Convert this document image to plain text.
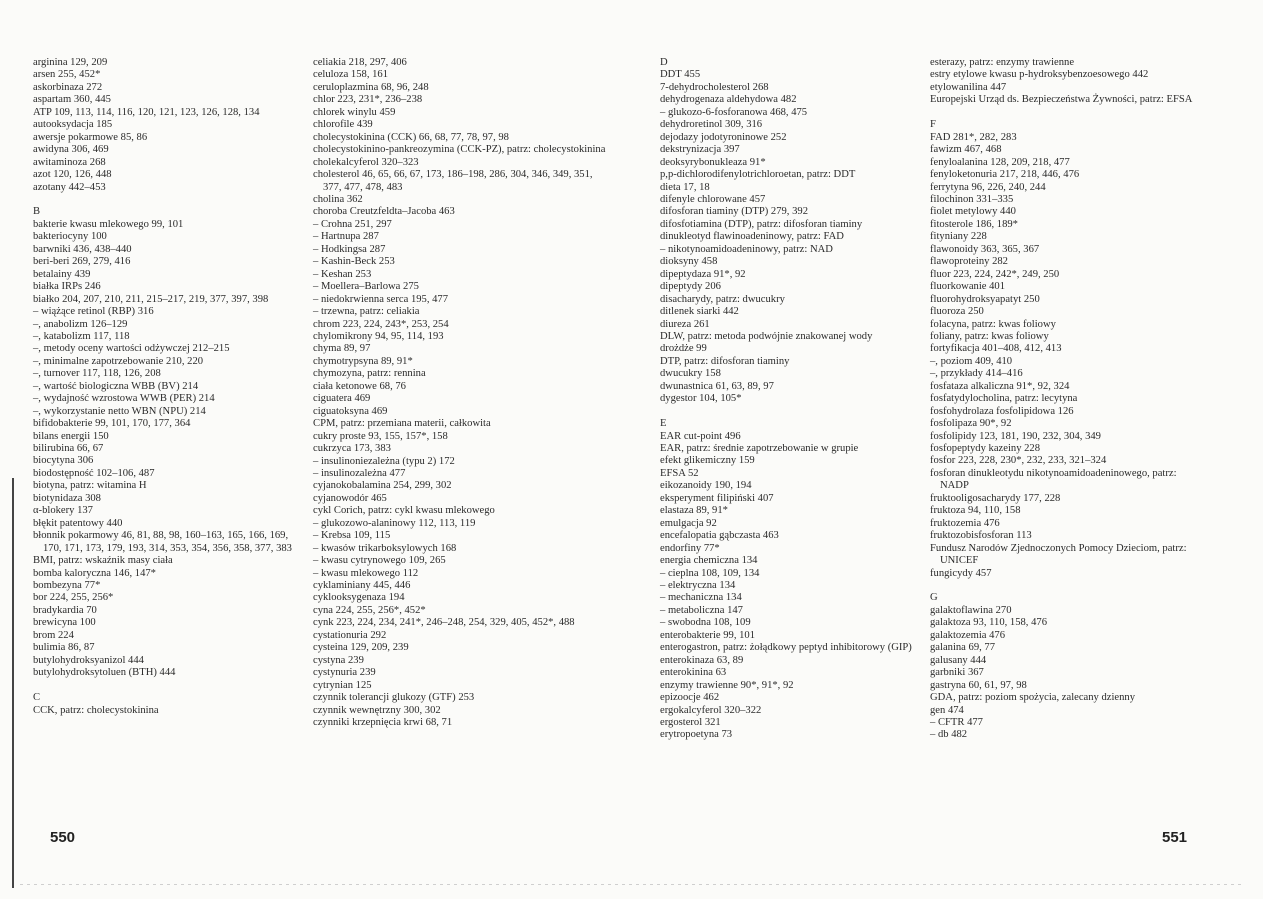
arginina 129, 209
arsen 255, 452*
askorbinaza 272
aspartam 360, 445
ATP 109, 113, 114, 116, 120, 121, 123, 126, 128, 134
autooksydacja 185
awersje pokarmowe 85, 86
awidyna 306, 469
awitaminoza 268
azot 120, 126, 448
azotany 442–453
B
bakterie kwasu mlekowego 99, 101
bakteriocyny 100
barwniki 436, 438–440
beri-beri 269, 279, 416
betalainy 439
białka IRPs 246
białko 204, 207, 210, 211, 215–217, 219, 377, 397, 398
– wiążące retinol (RBP) 316
–, anabolizm 126–129
–, katabolizm 117, 118
–, metody oceny wartości odżywczej 212–215
–, minimalne zapotrzebowanie 210, 220
–, turnover 117, 118, 126, 208
–, wartość biologiczna WBB (BV) 214
–, wydajność wzrostowa WWB (PER) 214
–, wykorzystanie netto WBN (NPU) 214
bifidobakterie 99, 101, 170, 177, 364
bilans energii 150
bilirubina 66, 67
biocytyna 306
biodostępność 102–106, 487
biotyna, patrz: witamina H
biotynidaza 308
α-blokery 137
błękit patentowy 440
błonnik pokarmowy 46, 81, 88, 98, 160–163, 165, 166, 169, 170, 171, 173, 179, 193, 314, 353, 354, 356, 358, 377, 383
BMI, patrz: wskaźnik masy ciała
bomba kaloryczna 146, 147*
bombezyna 77*
bor 224, 255, 256*
bradykardia 70
brewicyna 100
brom 224
bulimia 86, 87
butylohydroksyanizol 444
butylohydroksytoluen (BTH) 444
C
CCK, patrz: cholecystokinina
celiakia 218, 297, 406
celuloza 158, 161
ceruloplazmina 68, 96, 248
chlor 223, 231*, 236–238
chlorek winylu 459
chlorofile 439
cholecystokinina (CCK) 66, 68, 77, 78, 97, 98
cholecystokinino-pankreozymina (CCK-PZ), patrz: cholecystokinina
cholekalcyferol 320–323
cholesterol 46, 65, 66, 67, 173, 186–198, 286, 304, 346, 349, 351, 377, 477, 478, 483
cholina 362
choroba Creutzfeldta–Jacoba 463
– Crohna 251, 297
– Hartnupa 287
– Hodkingsa 287
– Kashin-Beck 253
– Keshan 253
– Moellera–Barlowa 275
– niedokrwienna serca 195, 477
– trzewna, patrz: celiakia
chrom 223, 224, 243*, 253, 254
chylomikrony 94, 95, 114, 193
chyma 89, 97
chymotrypsyna 89, 91*
chymozyna, patrz: rennina
ciała ketonowe 68, 76
ciguatera 469
ciguatoksyna 469
CPM, patrz: przemiana materii, całkowita
cukry proste 93, 155, 157*, 158
cukrzyca 173, 383
– insulinoniezależna (typu 2) 172
– insulinozależna 477
cyjanokobalamina 254, 299, 302
cyjanowodór 465
cykl Corich, patrz: cykl kwasu mlekowego
– glukozowo-alaninowy 112, 113, 119
– Krebsa 109, 115
– kwasów trikarboksylowych 168
– kwasu cytrynowego 109, 265
– kwasu mlekowego 112
cyklaminiany 445, 446
cyklooksygenaza 194
cyna 224, 255, 256*, 452*
cynk 223, 224, 234, 241*, 246–248, 254, 329, 405, 452*, 488
cystationuria 292
cysteina 129, 209, 239
cystyna 239
cystynuria 239
cytrynian 125
czynnik tolerancji glukozy (GTF) 253
czynnik wewnętrzny 300, 302
czynniki krzepnięcia krwi 68, 71
D
DDT 455
7-dehydrocholesterol 268
dehydrogenaza aldehydowa 482
– glukozo-6-fosforanowa 468, 475
dehydroretinol 309, 316
dejodazy jodotyroninowe 252
dekstrynizacja 397
deoksyrybonukleaza 91*
p,p-dichlorodifenylotrichloroetan, patrz: DDT
dieta 17, 18
difenyle chlorowane 457
difosforan tiaminy (DTP) 279, 392
difosfotiamina (DTP), patrz: difosforan tiaminy
dinukleotyd flawinoadeninowy, patrz: FAD
– nikotynoamidoadeninowy, patrz: NAD
dioksyny 458
dipeptydaza 91*, 92
dipeptydy 206
disacharydy, patrz: dwucukry
ditlenek siarki 442
diureza 261
DLW, patrz: metoda podwójnie znakowanej wody
drożdże 99
DTP, patrz: difosforan tiaminy
dwucukry 158
dwunastnica 61, 63, 89, 97
dygestor 104, 105*
E
EAR cut-point 496
EAR, patrz: średnie zapotrzebowanie w grupie
efekt glikemiczny 159
EFSA 52
eikozanoidy 190, 194
eksperyment filipiński 407
elastaza 89, 91*
emulgacja 92
encefalopatia gąbczasta 463
endorfiny 77*
energia chemiczna 134
– cieplna 108, 109, 134
– elektryczna 134
– mechaniczna 134
– metaboliczna 147
– swobodna 108, 109
enterobakterie 99, 101
enterogastron, patrz: żołądkowy peptyd inhibitorowy (GIP)
enterokinaza 63, 89
enterokinina 63
enzymy trawienne 90*, 91*, 92
epizoocje 462
ergokalcyferol 320–322
ergosterol 321
erytropoetyna 73
esterazy, patrz: enzymy trawienne
estry etylowe kwasu p-hydroksybenzoesowego 442
etylowanilina 447
Europejski Urząd ds. Bezpieczeństwa Żywności, patrz: EFSA
F
FAD 281*, 282, 283
fawizm 467, 468
fenyloalanina 128, 209, 218, 477
fenyloketonuria 217, 218, 446, 476
ferrytyna 96, 226, 240, 244
filochinon 331–335
fiolet metylowy 440
fitosterole 186, 189*
fityniany 228
flawonoidy 363, 365, 367
flawoproteiny 282
fluor 223, 224, 242*, 249, 250
fluorkowanie 401
fluorohydroksyapatyt 250
fluoroza 250
folacyna, patrz: kwas foliowy
foliany, patrz: kwas foliowy
fortyfikacja 401–408, 412, 413
–, poziom 409, 410
–, przykłady 414–416
fosfataza alkaliczna 91*, 92, 324
fosfatydylocholina, patrz: lecytyna
fosfohydrolaza fosfolipidowa 126
fosfolipaza 90*, 92
fosfolipidy 123, 181, 190, 232, 304, 349
fosfopeptydy kazeiny 228
fosfor 223, 228, 230*, 232, 233, 321–324
fosforan dinukleotydu nikotynoamidoadeninowego, patrz: NADP
fruktooligosacharydy 177, 228
fruktoza 94, 110, 158
fruktozemia 476
fruktozobisfosforan 113
Fundusz Narodów Zjednoczonych Pomocy Dzieciom, patrz: UNICEF
fungicydy 457
G
galaktoflawina 270
galaktoza 93, 110, 158, 476
galaktozemia 476
galanina 69, 77
galusany 444
garbniki 367
gastryna 60, 61, 97, 98
GDA, patrz: poziom spożycia, zalecany dzienny
gen 474
– CFTR 477
– db 482
550	551
